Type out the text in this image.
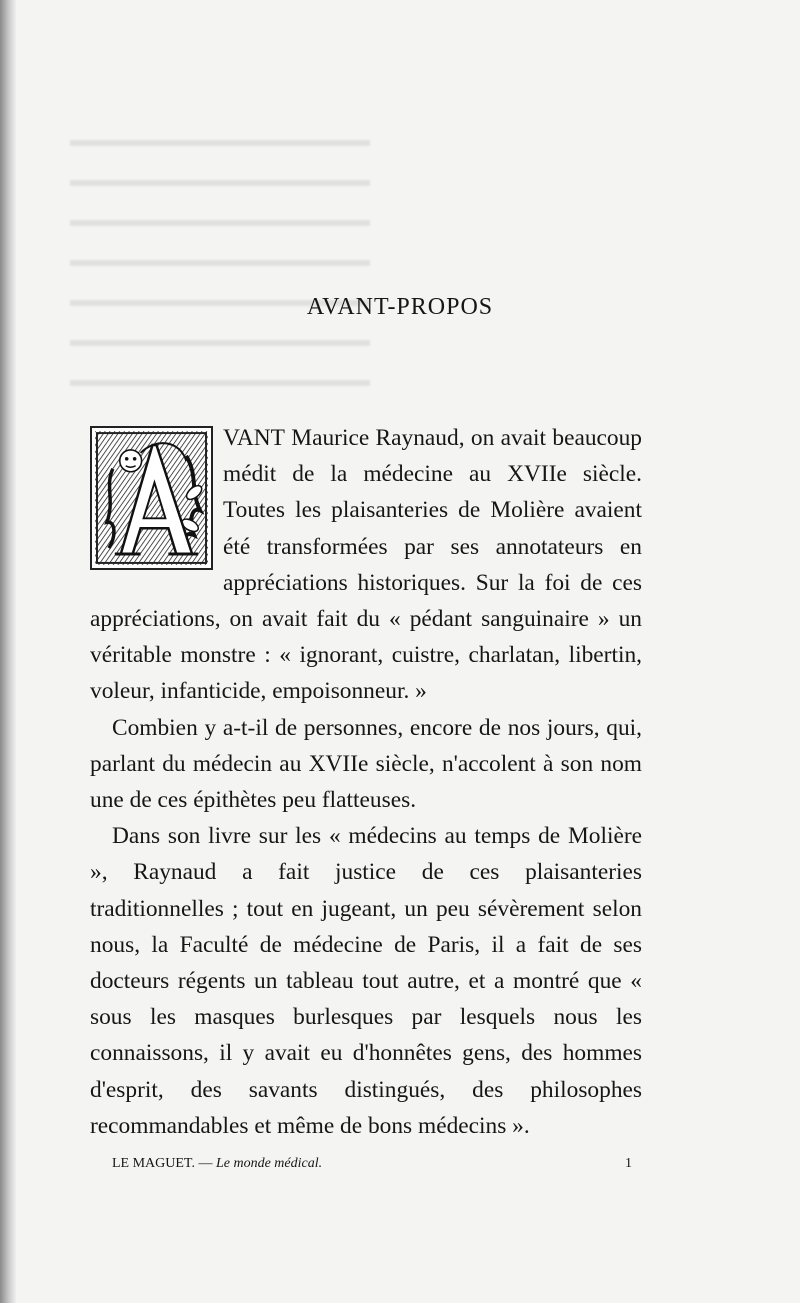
AVANT-PROPOS

VANT Maurice Raynaud, on avait beaucoup médit de la médecine au XVIIe siècle. Toutes les plaisanteries de Molière avaient été transformées par ses annotateurs en appréciations historiques. Sur la foi de ces appréciations, on avait fait du « pédant sanguinaire » un véritable monstre : « ignorant, cuistre, charlatan, libertin, voleur, infanticide, empoisonneur. »

Combien y a-t-il de personnes, encore de nos jours, qui, parlant du médecin au XVIIe siècle, n'accolent à son nom une de ces épithètes peu flatteuses.

Dans son livre sur les « médecins au temps de Molière », Raynaud a fait justice de ces plaisanteries traditionnelles ; tout en jugeant, un peu sévèrement selon nous, la Faculté de médecine de Paris, il a fait de ses docteurs régents un tableau tout autre, et a montré que « sous les masques burlesques par lesquels nous les connaissons, il y avait eu d'honnêtes gens, des hommes d'esprit, des savants distingués, des philosophes recommandables et même de bons médecins ».

LE MAGUET. — Le monde médical.	1
